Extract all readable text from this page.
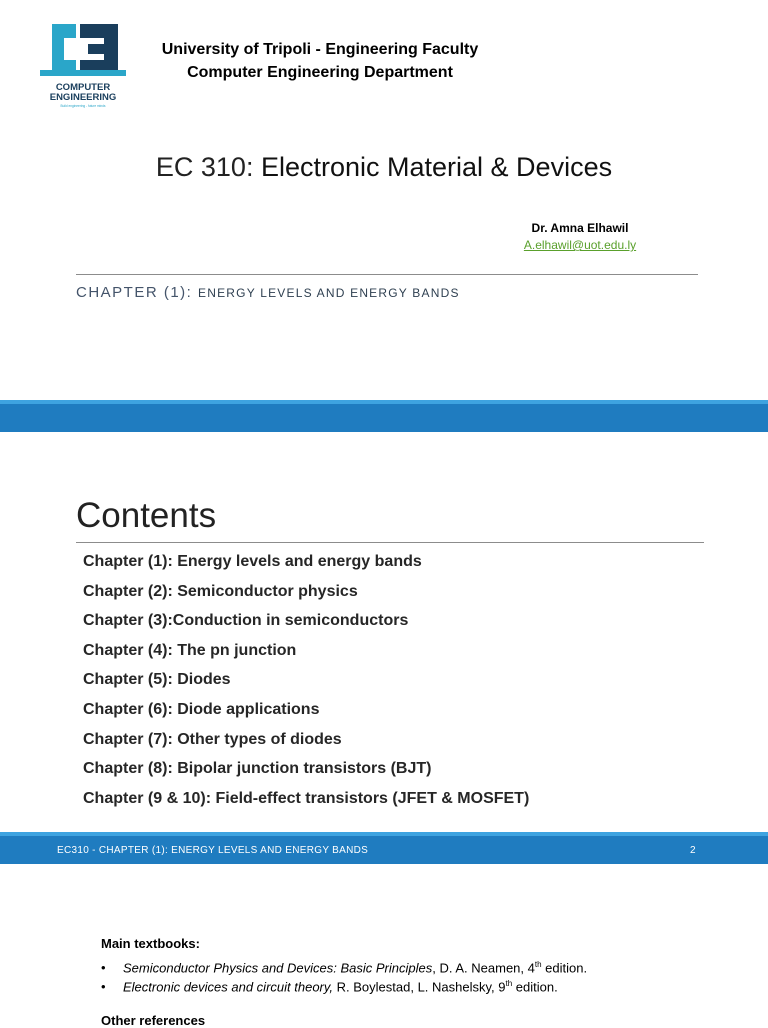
COMPUTER
ENGINEERING
Build engineering - future minds
University of Tripoli - Engineering Faculty
Computer Engineering Department
EC 310: Electronic Material & Devices
Dr. Amna Elhawil
A.elhawil@uot.edu.ly
CHAPTER (1): ENERGY LEVELS AND ENERGY BANDS
Contents
Chapter (1): Energy levels and energy bands
Chapter (2): Semiconductor physics
Chapter (3):Conduction in semiconductors
Chapter (4): The pn junction
Chapter (5): Diodes
Chapter (6): Diode applications
Chapter (7): Other types of diodes
Chapter (8): Bipolar junction transistors (BJT)
Chapter (9 & 10): Field-effect transistors (JFET & MOSFET)
EC310 - CHAPTER (1): ENERGY LEVELS AND ENERGY BANDS	2
Main textbooks:
• Semiconductor Physics and Devices: Basic Principles, D. A. Neamen, 4th edition.
• Electronic devices and circuit theory, R. Boylestad, L. Nashelsky, 9th edition.
Other references
